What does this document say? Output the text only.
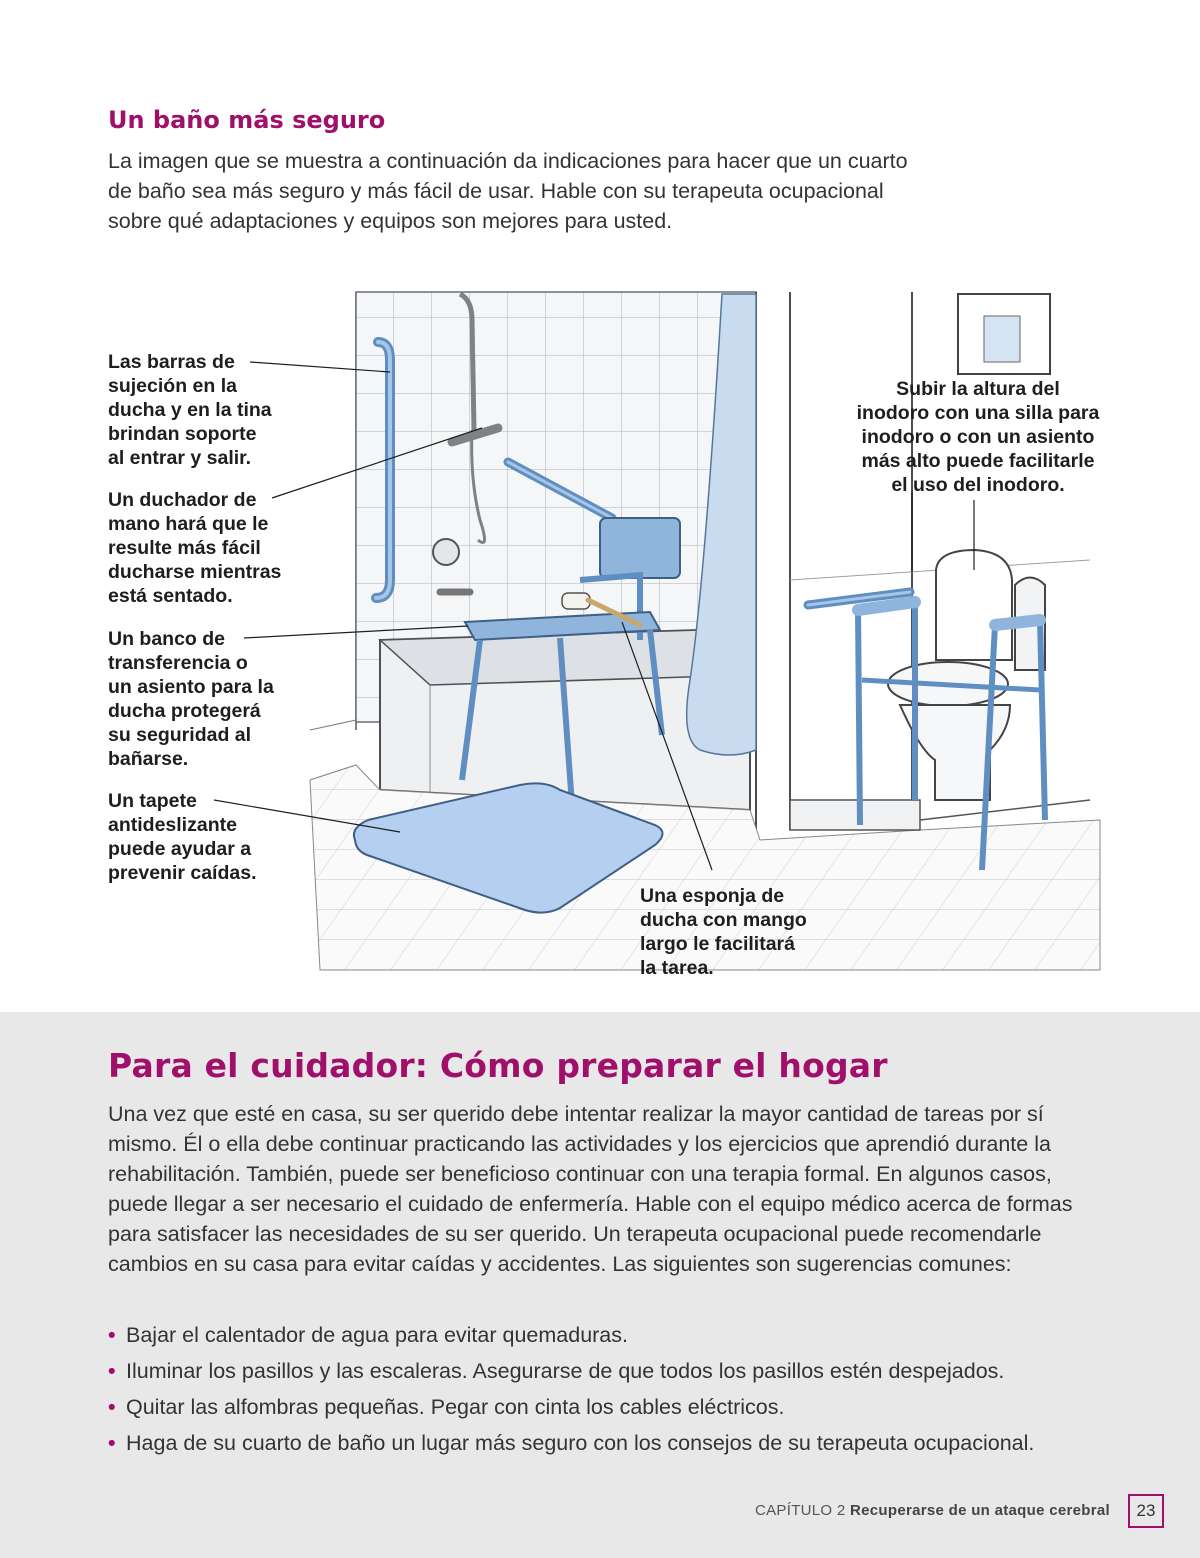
Un baño más seguro

La imagen que se muestra a continuación da indicaciones para hacer que un cuarto de baño sea más seguro y más fácil de usar. Hable con su terapeuta ocupacional sobre qué adaptaciones y equipos son mejores para usted.

Las barras de
sujeción en la
ducha y en la tina
brindan soporte
al entrar y salir.
Un duchador de
mano hará que le
resulte más fácil
ducharse mientras
está sentado.
Un banco de
transferencia o
un asiento para la
ducha protegerá
su seguridad al
bañarse.
Un tapete
antideslizante
puede ayudar a
prevenir caídas.
Una esponja de
ducha con mango
largo le facilitará
la tarea.
Subir la altura del
inodoro con una silla para
inodoro o con un asiento
más alto puede facilitarle
el uso del inodoro.
Para el cuidador: Cómo preparar el hogar

Una vez que esté en casa, su ser querido debe intentar realizar la mayor cantidad de tareas por sí mismo. Él o ella debe continuar practicando las actividades y los ejercicios que aprendió durante la rehabilitación. También, puede ser beneficioso continuar con una terapia formal. En algunos casos, puede llegar a ser necesario el cuidado de enfermería. Hable con el equipo médico acerca de formas para satisfacer las necesidades de su ser querido. Un terapeuta ocupacional puede recomendarle cambios en su casa para evitar caídas y accidentes. Las siguientes son sugerencias comunes:

• Bajar el calentador de agua para evitar quemaduras.
• Iluminar los pasillos y las escaleras. Asegurarse de que todos los pasillos estén despejados.
• Quitar las alfombras pequeñas. Pegar con cinta los cables eléctricos.
• Haga de su cuarto de baño un lugar más seguro con los consejos de su terapeuta ocupacional.
CAPÍTULO 2 Recuperarse de un ataque cerebral	23
